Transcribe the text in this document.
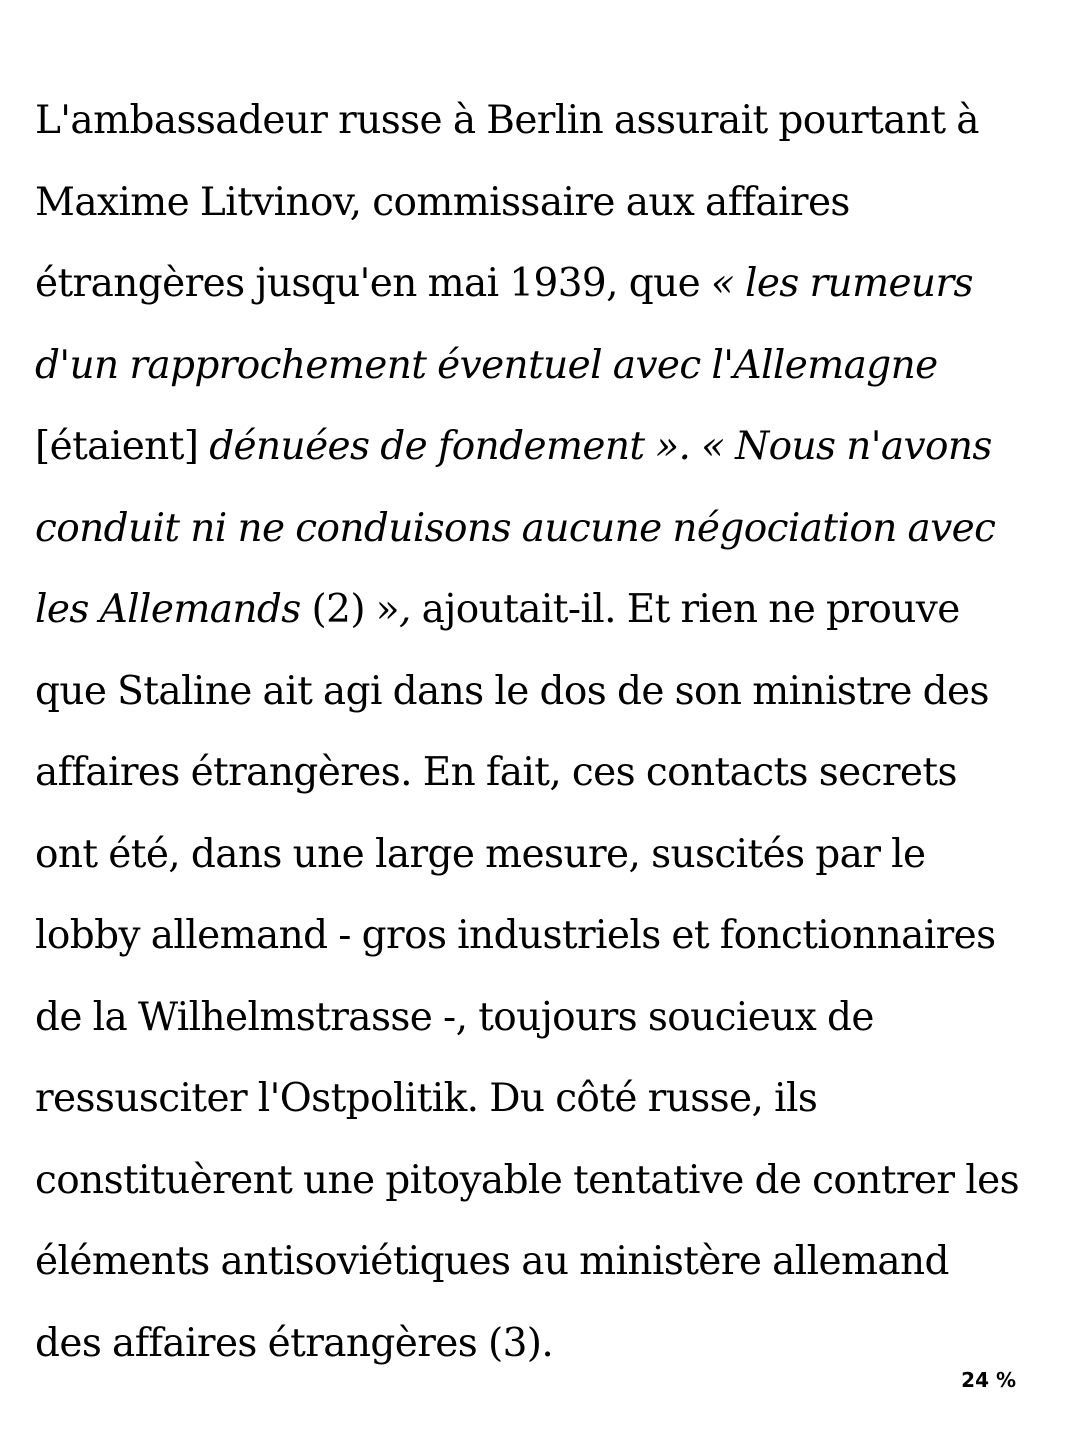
L'ambassadeur russe à Berlin assurait pourtant à
Maxime Litvinov, commissaire aux affaires
étrangères jusqu'en mai 1939, que « les rumeurs
d'un rapprochement éventuel avec l'Allemagne
[étaient] dénuées de fondement ». « Nous n'avons
conduit ni ne conduisons aucune négociation avec
les Allemands (2) », ajoutait-il. Et rien ne prouve
que Staline ait agi dans le dos de son ministre des
affaires étrangères. En fait, ces contacts secrets
ont été, dans une large mesure, suscités par le
lobby allemand - gros industriels et fonctionnaires
de la Wilhelmstrasse -, toujours soucieux de
ressusciter l'Ostpolitik. Du côté russe, ils
constituèrent une pitoyable tentative de contrer les
éléments antisoviétiques au ministère allemand
des affaires étrangères (3).

24 %
